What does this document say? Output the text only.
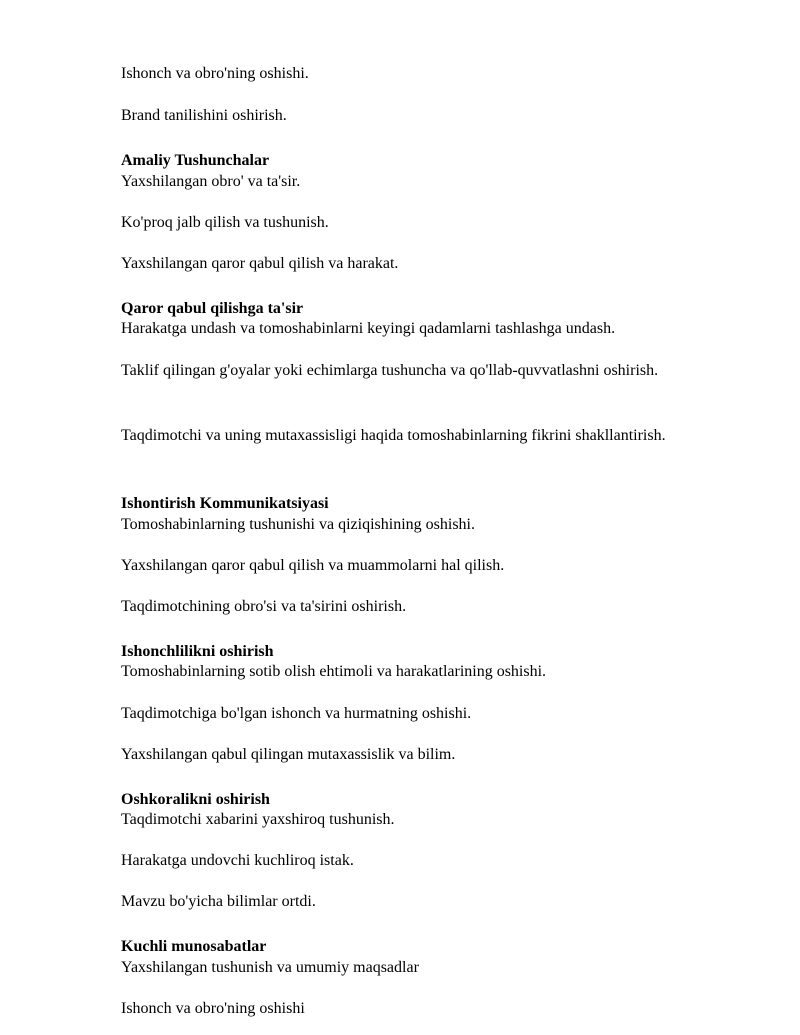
Ishonch va obro'ning oshishi.
Brand tanilishini oshirish.
Amaliy Tushunchalar
Yaxshilangan obro' va ta'sir.
Ko'proq jalb qilish va tushunish.
Yaxshilangan qaror qabul qilish va harakat.
Qaror qabul qilishga ta'sir
Harakatga undash va tomoshabinlarni keyingi qadamlarni tashlashga undash.
Taklif qilingan g'oyalar yoki echimlarga tushuncha va qo'llab-quvvatlashni oshirish.
Taqdimotchi va uning mutaxassisligi haqida tomoshabinlarning fikrini shakllantirish.
Ishontirish Kommunikatsiyasi
Tomoshabinlarning tushunishi va qiziqishining oshishi.
Yaxshilangan qaror qabul qilish va muammolarni hal qilish.
Taqdimotchining obro'si va ta'sirini oshirish.
Ishonchlilikni oshirish
Tomoshabinlarning sotib olish ehtimoli va harakatlarining oshishi.
Taqdimotchiga bo'lgan ishonch va hurmatning oshishi.
Yaxshilangan qabul qilingan mutaxassislik va bilim.
Oshkoralikni oshirish
Taqdimotchi xabarini yaxshiroq tushunish.
Harakatga undovchi kuchliroq istak.
Mavzu bo'yicha bilimlar ortdi.
Kuchli munosabatlar
Yaxshilangan tushunish va umumiy maqsadlar
Ishonch va obro'ning oshishi
